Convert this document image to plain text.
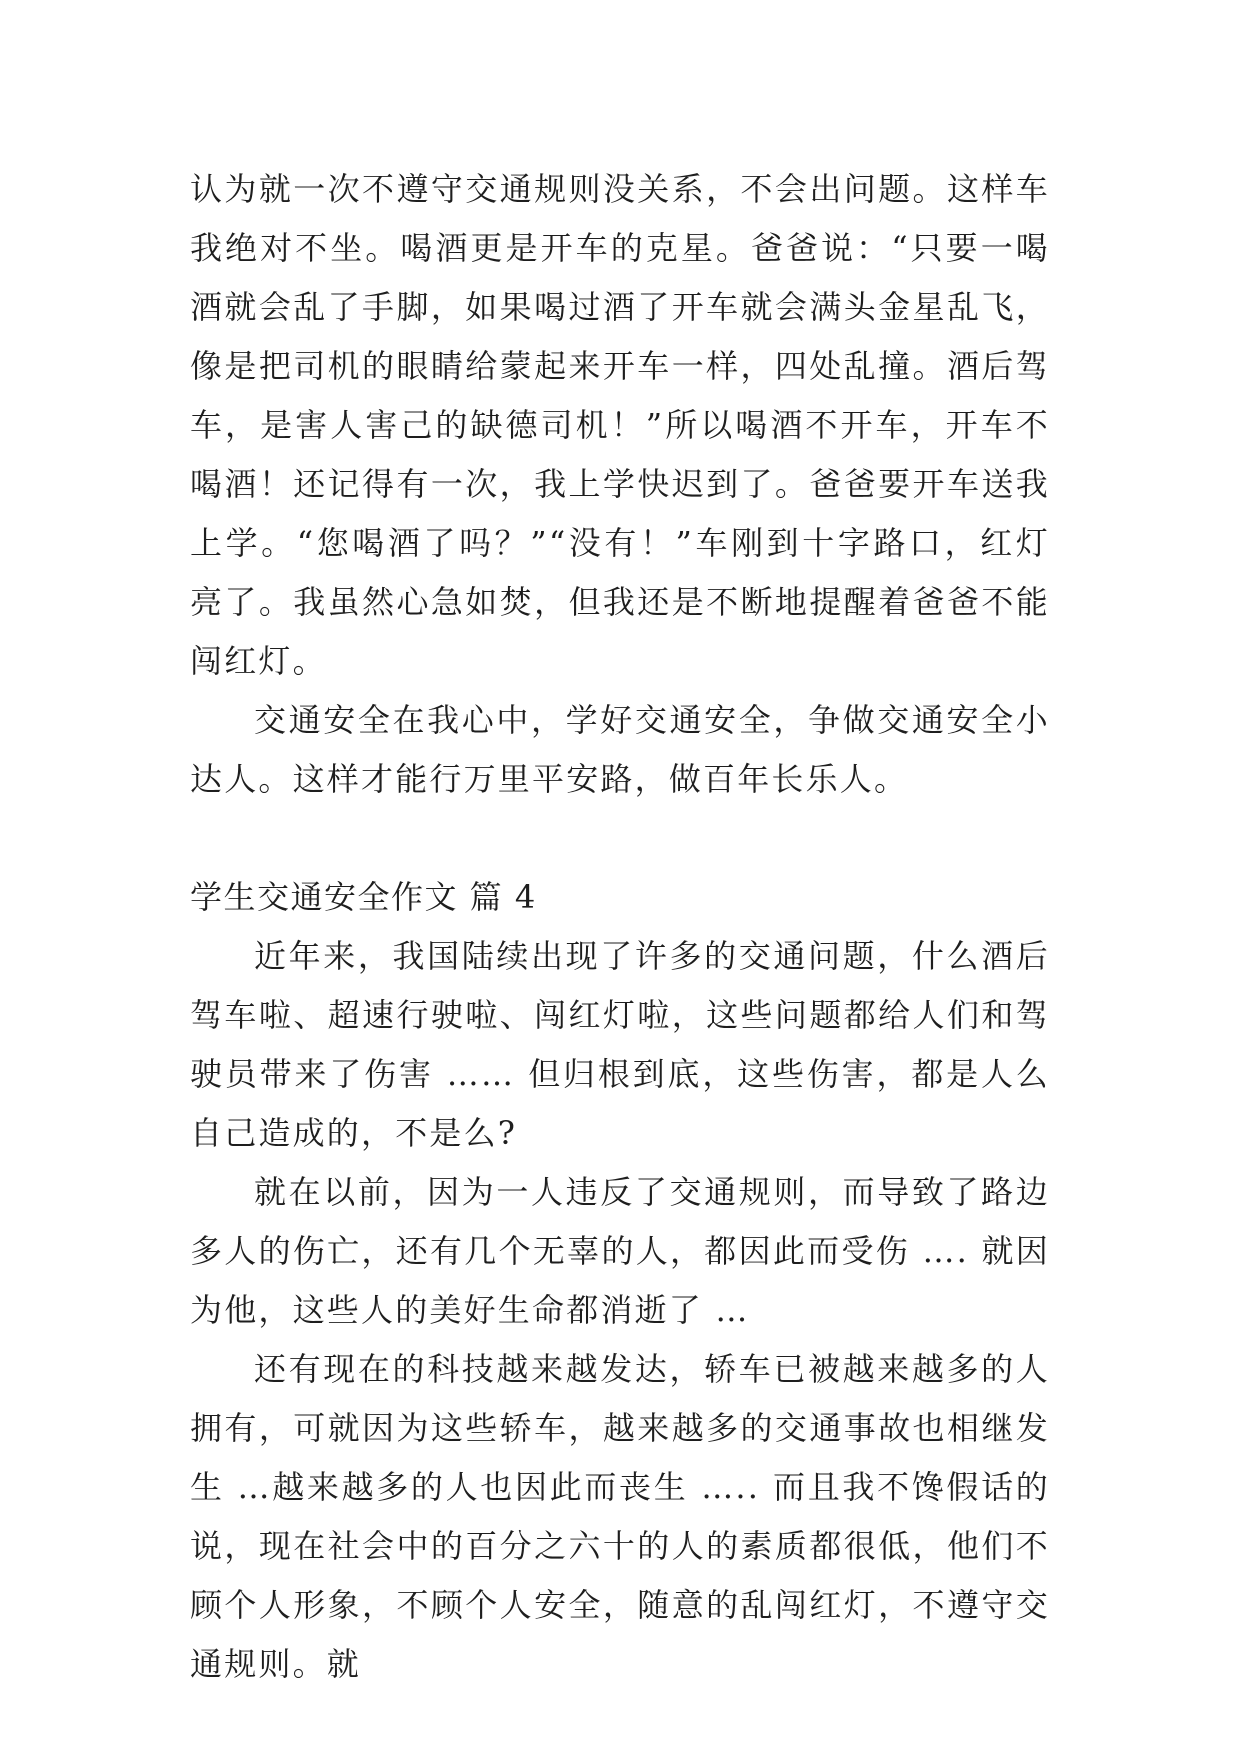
认为就一次不遵守交通规则没关系，不会出问题。这样车我绝对不坐。喝酒更是开车的克星。爸爸说：“只要一喝酒就会乱了手脚，如果喝过酒了开车就会满头金星乱飞，像是把司机的眼睛给蒙起来开车一样，四处乱撞。酒后驾车，是害人害己的缺德司机！”所以喝酒不开车，开车不喝酒！还记得有一次，我上学快迟到了。爸爸要开车送我上学。“您喝酒了吗？”“没有！”车刚到十字路口，红灯亮了。我虽然心急如焚，但我还是不断地提醒着爸爸不能闯红灯。

交通安全在我心中，学好交通安全，争做交通安全小达人。这样才能行万里平安路，做百年长乐人。

学生交通安全作文 篇 4

近年来，我国陆续出现了许多的交通问题，什么酒后驾车啦、超速行驶啦、闯红灯啦，这些问题都给人们和驾驶员带来了伤害 …… 但归根到底，这些伤害，都是人么自己造成的，不是么?

就在以前，因为一人违反了交通规则，而导致了路边多人的伤亡，还有几个无辜的人，都因此而受伤 …. 就因为他，这些人的美好生命都消逝了 …

还有现在的科技越来越发达，轿车已被越来越多的人拥有，可就因为这些轿车，越来越多的交通事故也相继发生 …越来越多的人也因此而丧生 ….. 而且我不馋假话的说，现在社会中的百分之六十的人的素质都很低，他们不顾个人形象，不顾个人安全，随意的乱闯红灯，不遵守交通规则。就
